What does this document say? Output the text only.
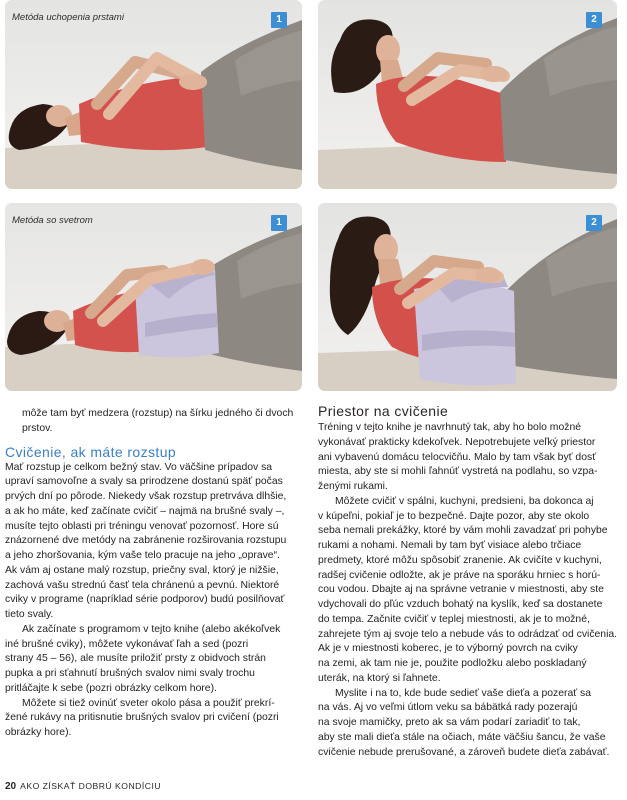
Metóda uchopenia prstami	1	2
Metóda so svetrom	1	2
môže tam byť medzera (rozstup) na šírku jedného či dvoch
prstov.
Cvičenie, ak máte rozstup
Mať rozstup je celkom bežný stav. Vo väčšine prípadov sa
upraví samovoľne a svaly sa prirodzene dostanú späť počas
prvých dní po pôrode. Niekedy však rozstup pretrváva dlhšie,
a ak ho máte, keď začínate cvičiť – najmä na brušné svaly –,
musíte tejto oblasti pri tréningu venovať pozornosť. Hore sú
znázornené dve metódy na zabránenie rozširovania rozstupu
a jeho zhoršovania, kým vaše telo pracuje na jeho „oprave“.
Ak vám aj ostane malý rozstup, priečny sval, ktorý je nižšie,
zachová vašu strednú časť tela chránenú a pevnú. Niektoré
cviky v programe (napríklad série podporov) budú posilňovať
tieto svaly.
Ak začínate s programom v tejto knihe (alebo akékoľvek
iné brušné cviky), môžete vykonávať ľah a sed (pozri
strany 45 – 56), ale musíte priložiť prsty z obidvoch strán
pupka a pri sťahnutí brušných svalov nimi svaly trochu
pritláčajte k sebe (pozri obrázky celkom hore).
Môžete si tiež ovinúť sveter okolo pása a použiť prekrí-
žené rukávy na pritisnutie brušných svalov pri cvičení (pozri
obrázky hore).
Priestor na cvičenie
Tréning v tejto knihe je navrhnutý tak, aby ho bolo možné
vykonávať prakticky kdekoľvek. Nepotrebujete veľký priestor
ani vybavenú domácu telocvičňu. Malo by tam však byť dosť
miesta, aby ste si mohli ľahnúť vystretá na podlahu, so vzpa-
ženými rukami.
Môžete cvičiť v spálni, kuchyni, predsieni, ba dokonca aj
v kúpeľni, pokiaľ je to bezpečné. Dajte pozor, aby ste okolo
seba nemali prekážky, ktoré by vám mohli zavadzať pri pohybe
rukami a nohami. Nemali by tam byť visiace alebo trčiace
predmety, ktoré môžu spôsobiť zranenie. Ak cvičíte v kuchyni,
radšej cvičenie odložte, ak je práve na sporáku hrniec s horú-
cou vodou. Dbajte aj na správne vetranie v miestnosti, aby ste
vdychovali do pľúc vzduch bohatý na kyslík, keď sa dostanete
do tempa. Začnite cvičiť v teplej miestnosti, ak je to možné,
zahrejete tým aj svoje telo a nebude vás to odrádzať od cvičenia.
Ak je v miestnosti koberec, je to výborný povrch na cviky
na zemi, ak tam nie je, použite podložku alebo poskladaný
uterák, na ktorý si ľahnete.
Myslite i na to, kde bude sedieť vaše dieťa a pozerať sa
na vás. Aj vo veľmi útlom veku sa bábätká rady pozerajú
na svoje mamičky, preto ak sa vám podarí zariadiť to tak,
aby ste mali dieťa stále na očiach, máte väčšiu šancu, že vaše
cvičenie nebude prerušované, a zároveň budete dieťa zabávať.
20 AKO ZÍSKAŤ DOBRÚ KONDÍCIU
